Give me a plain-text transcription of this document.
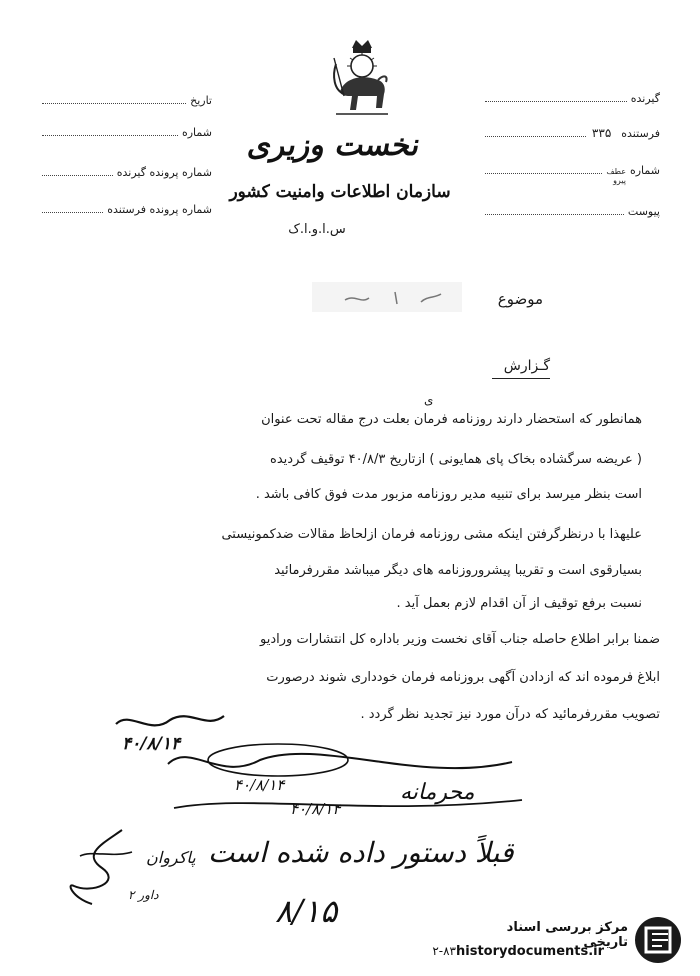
نخست وزیری
سازمان اطلاعات وامنیت کشور
س.ا.و.ا.ک
گیرنده
فرستنده
۳۳۵
شماره
عطف
پیرو
پیوست
تاریخ
شماره
شماره پرونده گیرنده
شماره پرونده فرستنده
موضوع
گـزارش
همانطور که استحضار دارند روزنامه فرمان بعلت درج مقاله تحت عنوان
ی
( عریضه سرگشاده بخاک پای همایونی ) ازتاریخ ۴۰/۸/۳ توقیف گردیده
است بنظر میرسد برای تنبیه مدیر روزنامه مزبور مدت فوق کافی باشد .
علیهذا با درنظرگرفتن اینکه مشی روزنامه فرمان ازلحاظ مقالات ضدکمونیستی
بسیارقوی است و تقریبا پیشروروزنامه های دیگر میباشد مقررفرمائید
نسبت برفع توقیف از آن اقدام لازم بعمل آید .
ضمنا برابر اطلاع حاصله جناب آقای نخست وزیر باداره کل انتشارات ورادیو
ابلاغ فرموده اند که ازدادن آگهی بروزنامه فرمان خودداری شوند درصورت
تصویب مقررفرمائید که درآن مورد نیز تجدید نظر گردد .
۴۰/۸/۱۴
۴۰/۸/۱۴	محرمانه
۴۰/۸/۱۴
قبلاً دستور داده شده است
پاکروان
داور ۲	۸/۱۵	مرکز بررسی اسناد تاریخی
historydocuments.ir
۲-۸۳
